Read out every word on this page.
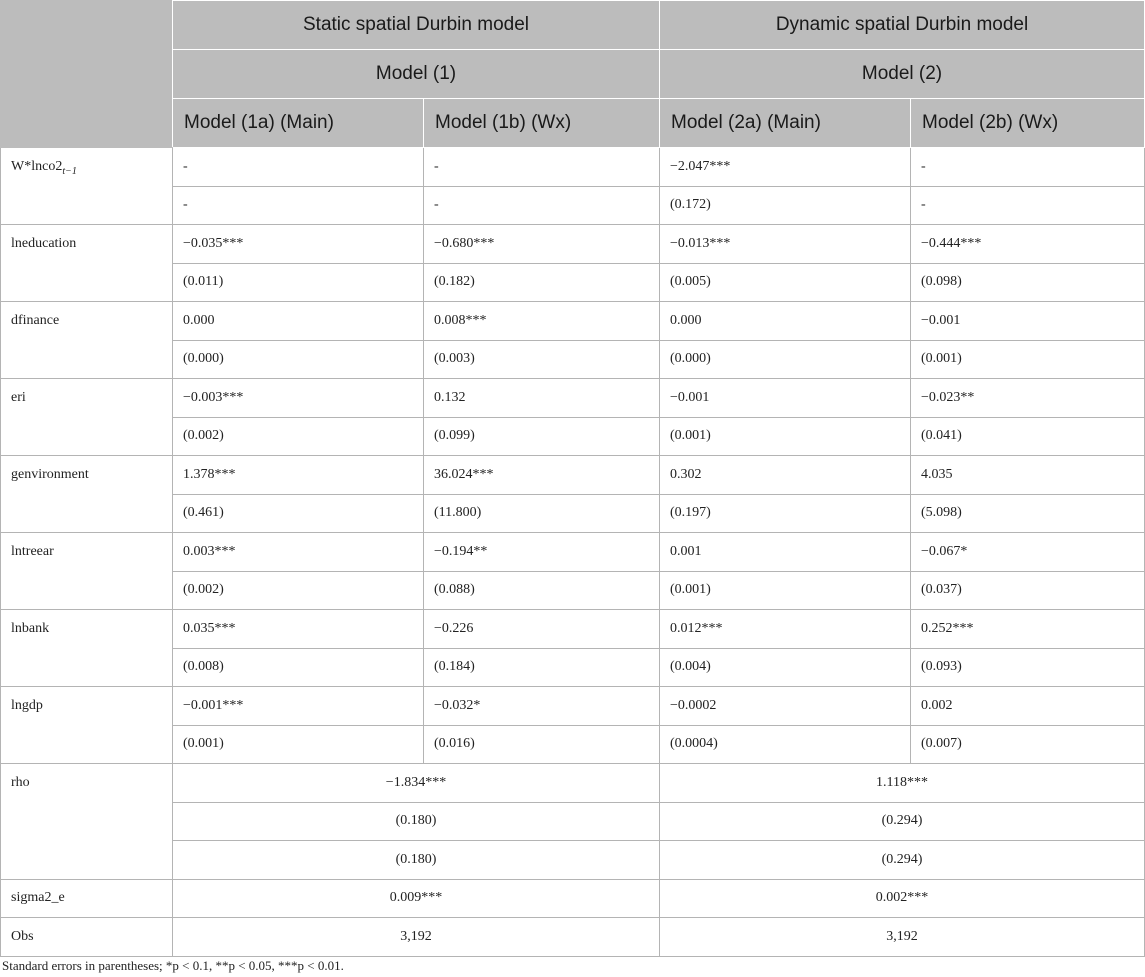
	Static spatial Durbin model		Dynamic spatial Durbin model	
	Model (1)		Model (2)	
	Model (1a) (Main)	Model (1b) (Wx)	Model (2a) (Main)	Model (2b) (Wx)
$W*lnco2_{t-1}$	-	-	−2.047***	-
	-	-	(0.172)	-
lneducation	−0.035***	−0.680***	−0.013***	−0.444***
	(0.011)	(0.182)	(0.005)	(0.098)
dfinance	0.000	0.008***	0.000	−0.001
	(0.000)	(0.003)	(0.000)	(0.001)
eri	−0.003***	0.132	−0.001	−0.023**
	(0.002)	(0.099)	(0.001)	(0.041)
genvironment	1.378***	36.024***	0.302	4.035
	(0.461)	(11.800)	(0.197)	(5.098)
lntreear	0.003***	−0.194**	0.001	−0.067*
	(0.002)	(0.088)	(0.001)	(0.037)
lnbank	0.035***	−0.226	0.012***	0.252***
	(0.008)	(0.184)	(0.004)	(0.093)
lngdp	−0.001***	−0.032*	−0.0002	0.002
	(0.001)	(0.016)	(0.0004)	(0.007)
rho	−1.834***		1.118***	
	(0.180)		(0.294)	
	(0.180)		(0.294)	
sigma2_e	0.009***		0.002***	
Obs	3,192		3,192	
Standard errors in parentheses; *p < 0.1, **p < 0.05, ***p < 0.01.
